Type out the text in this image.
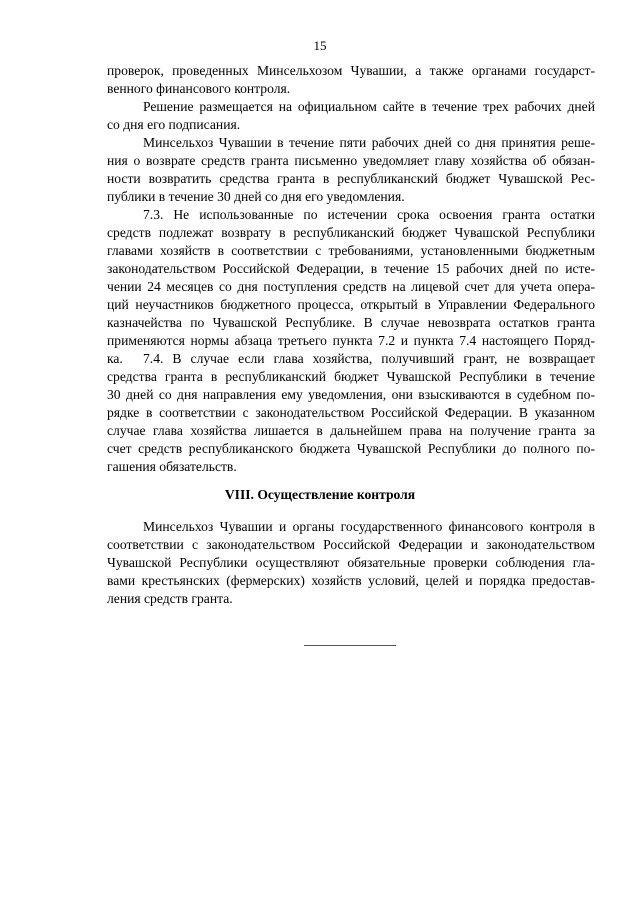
15
проверок, проведенных Минсельхозом Чувашии, а также органами государст-
венного финансового контроля.
Решение размещается на официальном сайте в течение трех рабочих дней
со дня его подписания.
Минсельхоз Чувашии в течение пяти рабочих дней со дня принятия реше-
ния о возврате средств гранта письменно уведомляет главу хозяйства об обязан-
ности возвратить средства гранта в республиканский бюджет Чувашской Рес-
публики в течение 30 дней со дня его уведомления.
7.3. Не использованные по истечении срока освоения гранта остатки
средств подлежат возврату в республиканский бюджет Чувашской Республики
главами хозяйств в соответствии с требованиями, установленными бюджетным
законодательством Российской Федерации, в течение 15 рабочих дней по исте-
чении 24 месяцев со дня поступления средств на лицевой счет для учета опера-
ций неучастников бюджетного процесса, открытый в Управлении Федерального
казначейства по Чувашской Республике. В случае невозврата остатков гранта
применяются нормы абзаца третьего пункта 7.2 и пункта 7.4 настоящего Поряд-
ка.	7.4. В случае если глава хозяйства, получивший грант, не возвращает
средства гранта в республиканский бюджет Чувашской Республики в течение
30 дней со дня направления ему уведомления, они взыскиваются в судебном по-
рядке в соответствии с законодательством Российской Федерации. В указанном
случае глава хозяйства лишается в дальнейшем права на получение гранта за
счет средств республиканского бюджета Чувашской Республики до полного по-
гашения обязательств.
VIII. Осуществление контроля
Минсельхоз Чувашии и органы государственного финансового контроля в
соответствии с законодательством Российской Федерации и законодательством
Чувашской Республики осуществляют обязательные проверки соблюдения гла-
вами крестьянских (фермерских) хозяйств условий, целей и порядка предостав-
ления средств гранта.
